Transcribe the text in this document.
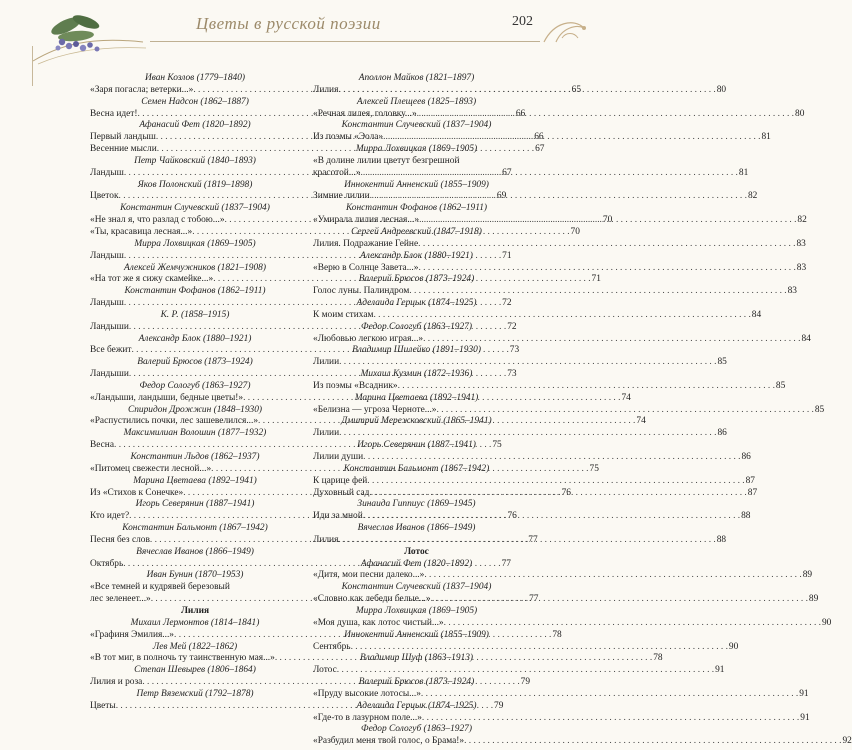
Цветы в русской поэзии	202
Иван Козлов (1779–1840)
«Заря погасла; ветерки...» . . .	65
Семен Надсон (1862–1887)
Весна идет! . . .	66
Афанасий Фет (1820–1892)
Первый ландыш . . .	66
Весенние мысли . . .	67
Петр Чайковский (1840–1893)
Ландыш . . .	67
Яков Полонский (1819–1898)
Цветок . . .	69
Константин Случевский (1837–1904)
«Не знал я, что разлад с тобою...» . . .	70
«Ты, красавица лесная...» . . .	70
Мирра Лохвицкая (1869–1905)
Ландыш . . .	71
Алексей Жемчужников (1821–1908)
«На тот же я сижу скамейке...» . . .	71
Константин Фофанов (1862–1911)
Ландыш . . .	72
К. Р. (1858–1915)
Ландыши . . .	72
Александр Блок (1880–1921)
Все бежит . . .	73
Валерий Брюсов (1873–1924)
Ландыши . . .	73
Федор Сологуб (1863–1927)
«Ландыши, ландыши, бедные цветы!» . . .	74
Спиридон Дрожжин (1848–1930)
«Распустились почки, лес зашевелился...» . . .	74
Максимилиан Волошин (1877–1932)
Весна . . .	75
Константин Льдов (1862–1937)
«Питомец свежести лесной...» . . .	75
Марина Цветаева (1892–1941)
Из «Стихов к Сонечке» . . .	76
Игорь Северянин (1887–1941)
Кто идет? . . .	76
Константин Бальмонт (1867–1942)
Песня без слов . . .	77
Вячеслав Иванов (1866–1949)
Октябрь . . .	77
Иван Бунин (1870–1953)
«Все темней и кудрявей березовый
лес зеленеет...» . . .	77
Лилия
Михаил Лермонтов (1814–1841)
«Графиня Эмилия...» . . .	78
Лев Мей (1822–1862)
«В тот миг, в полночь ту таинственную мая...» . . .	78
Степан Шевырев (1806–1864)
Лилия и роза . . .	79
Петр Вяземский (1792–1878)
Цветы . . .	79
Аполлон Майков (1821–1897)
Лилия . . .	80
Алексей Плещеев (1825–1893)
«Речная лилея, головку...» . . .	80
Константин Случевский (1837–1904)
Из поэмы «Эола» . . .	81
Мирра Лохвицкая (1869–1905)
«В долине лилии цветут безгрешной
красотой...» . . .	81
Иннокентий Анненский (1855–1909)
Зимние лилии . . .	82
Константин Фофанов (1862–1911)
«Умирала лилия лесная...» . . .	82
Сергей Андреевский (1847–1918)
Лилия. Подражание Гейне . . .	83
Александр Блок (1880–1921)
«Верю в Солнце Завета...» . . .	83
Валерий Брюсов (1873–1924)
Голос луны. Палиндром . . .	83
Аделаида Герцык (1874–1925)
К моим стихам . . .	84
Федор Сологуб (1863–1927)
«Любовью легкою играя...» . . .	84
Владимир Шилейко (1891–1930)
Лилии . . .	85
Михаил Кузмин (1872–1936)
Из поэмы «Всадник» . . .	85
Марина Цветаева (1892–1941)
«Белизна — угроза Черноте...» . . .	85
Дмитрий Мережковский (1865–1941)
Лилии . . .	86
Игорь Северянин (1887–1941)
Лилии души . . .	86
Константин Бальмонт (1867–1942)
К царице фей . . .	87
Духовный сад . . .	87
Зинаида Гиппиус (1869–1945)
Иди за мной . . .	88
Вячеслав Иванов (1866–1949)
Лилия . . .	88
Лотос
Афанасий Фет (1820–1892)
«Дитя, мои песни далеко...» . . .	89
Константин Случевский (1837–1904)
«Словно как лебеди белые...» . . .	89
Мирра Лохвицкая (1869–1905)
«Моя душа, как лотос чистый...» . . .	90
Иннокентий Анненский (1855–1909)
Сентябрь . . .	90
Владимир Шуф (1863–1913)
Лотос . . .	91
Валерий Брюсов (1873–1924)
«Пруду высокие лотосы...» . . .	91
Аделаида Герцык (1874–1925)
«Где-то в лазурном поле...» . . .	91
Федор Сологуб (1863–1927)
«Разбудил меня твой голос, о Брама!» . . .	92
